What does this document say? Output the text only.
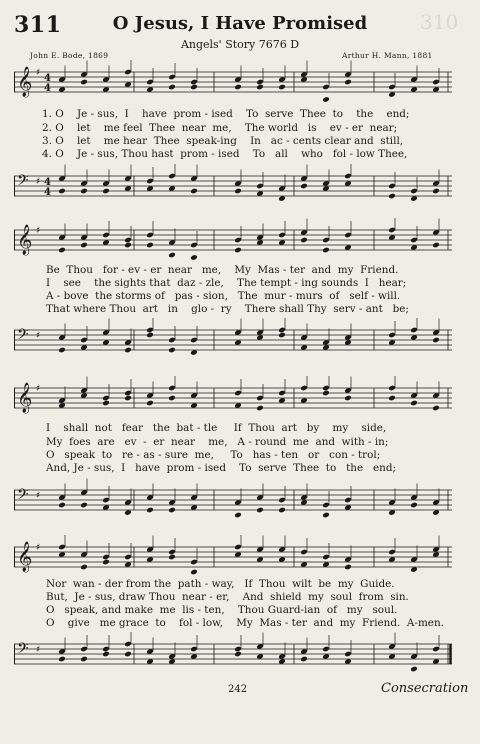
311	O Jesus, I Have Promised	310
Angels' Story 7676 D
John E. Bode, 1869	Arthur H. Mann, 1881
𝄞 ♯ 4
4
1. O    Je - sus,  I    have  prom - ised    To  serve  Thee  to    the    end;
2. O    let    me feel  Thee  near  me,    The world   is    ev - er  near;
3. O    let    me hear  Thee  speak-ing    In   ac - cents clear and  still,
4. O    Je - sus, Thou hast  prom - ised    To   all    who   fol - low Thee,
𝄢 ♯ 4
4
𝄞 ♯
Be  Thou   for - ev - er  near   me,    My  Mas - ter  and  my  Friend.
I    see    the sights that  daz - zle,    The tempt - ing sounds  I   hear;
A - bove  the storms of   pas - sion,   The  mur - murs  of   self - will.
That where Thou  art   in    glo -  ry    There shall Thy  serv - ant   be;
𝄢 ♯
𝄞 ♯
I    shall  not   fear   the  bat - tle     If  Thou  art   by    my    side,
My  foes  are   ev  -  er  near    me,   A - round  me  and  with - in;
O   speak  to   re - as - sure  me,     To   has - ten   or   con - trol;
And, Je - sus,  I   have  prom - ised    To  serve  Thee  to   the   end;
𝄢 ♯
𝄞 ♯
Nor  wan - der from the  path - way,   If  Thou  wilt  be  my  Guide.
But,  Je - sus, draw Thou  near - er,    And  shield  my  soul  from  sin.
O   speak, and make  me  lis - ten,    Thou Guard-ian  of   my   soul.
O    give   me grace  to    fol - low,    My  Mas - ter  and  my  Friend.  A-men.
𝄢 ♯
242	Consecration
